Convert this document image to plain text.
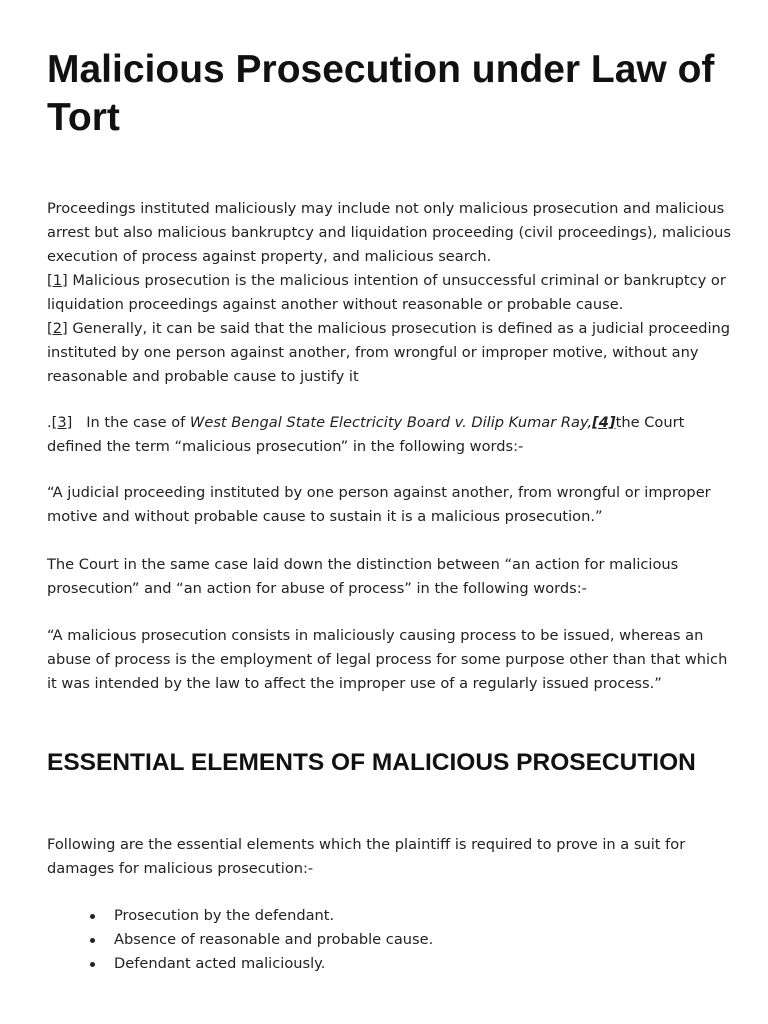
Malicious Prosecution under Law of Tort

Proceedings instituted maliciously may include not only malicious prosecution and malicious arrest but also malicious bankruptcy and liquidation proceeding (civil proceedings), malicious execution of process against property, and malicious search.
[1] Malicious prosecution is the malicious intention of unsuccessful criminal or bankruptcy or liquidation proceedings against another without reasonable or probable cause.
[2] Generally, it can be said that the malicious prosecution is defined as a judicial proceeding instituted by one person against another, from wrongful or improper motive, without any reasonable and probable cause to justify it

.[3]   In the case of West Bengal State Electricity Board v. Dilip Kumar Ray,[4]the Court defined the term “malicious prosecution” in the following words:-

“A judicial proceeding instituted by one person against another, from wrongful or improper motive and without probable cause to sustain it is a malicious prosecution.”

The Court in the same case laid down the distinction between “an action for malicious prosecution” and “an action for abuse of process” in the following words:-

“A malicious prosecution consists in maliciously causing process to be issued, whereas an abuse of process is the employment of legal process for some purpose other than that which it was intended by the law to affect the improper use of a regularly issued process.”

ESSENTIAL ELEMENTS OF MALICIOUS PROSECUTION

Following are the essential elements which the plaintiff is required to prove in a suit for damages for malicious prosecution:-

Prosecution by the defendant.
Absence of reasonable and probable cause.
Defendant acted maliciously.
